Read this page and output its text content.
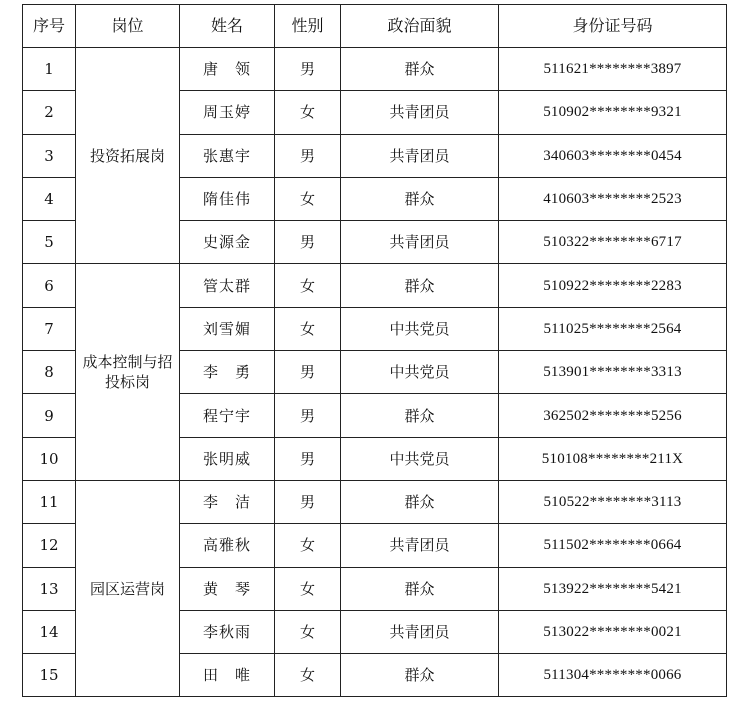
序号	岗位	姓名	性别	政治面貌	身份证号码
1	投资拓展岗	唐　领	男	群众	511621********3897
2		周玉婷	女	共青团员	510902********9321
3		张惠宇	男	共青团员	340603********0454
4		隋佳伟	女	群众	410603********2523
5		史源金	男	共青团员	510322********6717
6	成本控制与招投标岗	管太群	女	群众	510922********2283
7		刘雪媚	女	中共党员	511025********2564
8		李　勇	男	中共党员	513901********3313
9		程宁宇	男	群众	362502********5256
10		张明威	男	中共党员	510108********211X
11	园区运营岗	李　洁	男	群众	510522********3113
12		高雅秋	女	共青团员	511502********0664
13		黄　琴	女	群众	513922********5421
14		李秋雨	女	共青团员	513022********0021
15		田　唯	女	群众	511304********0066
